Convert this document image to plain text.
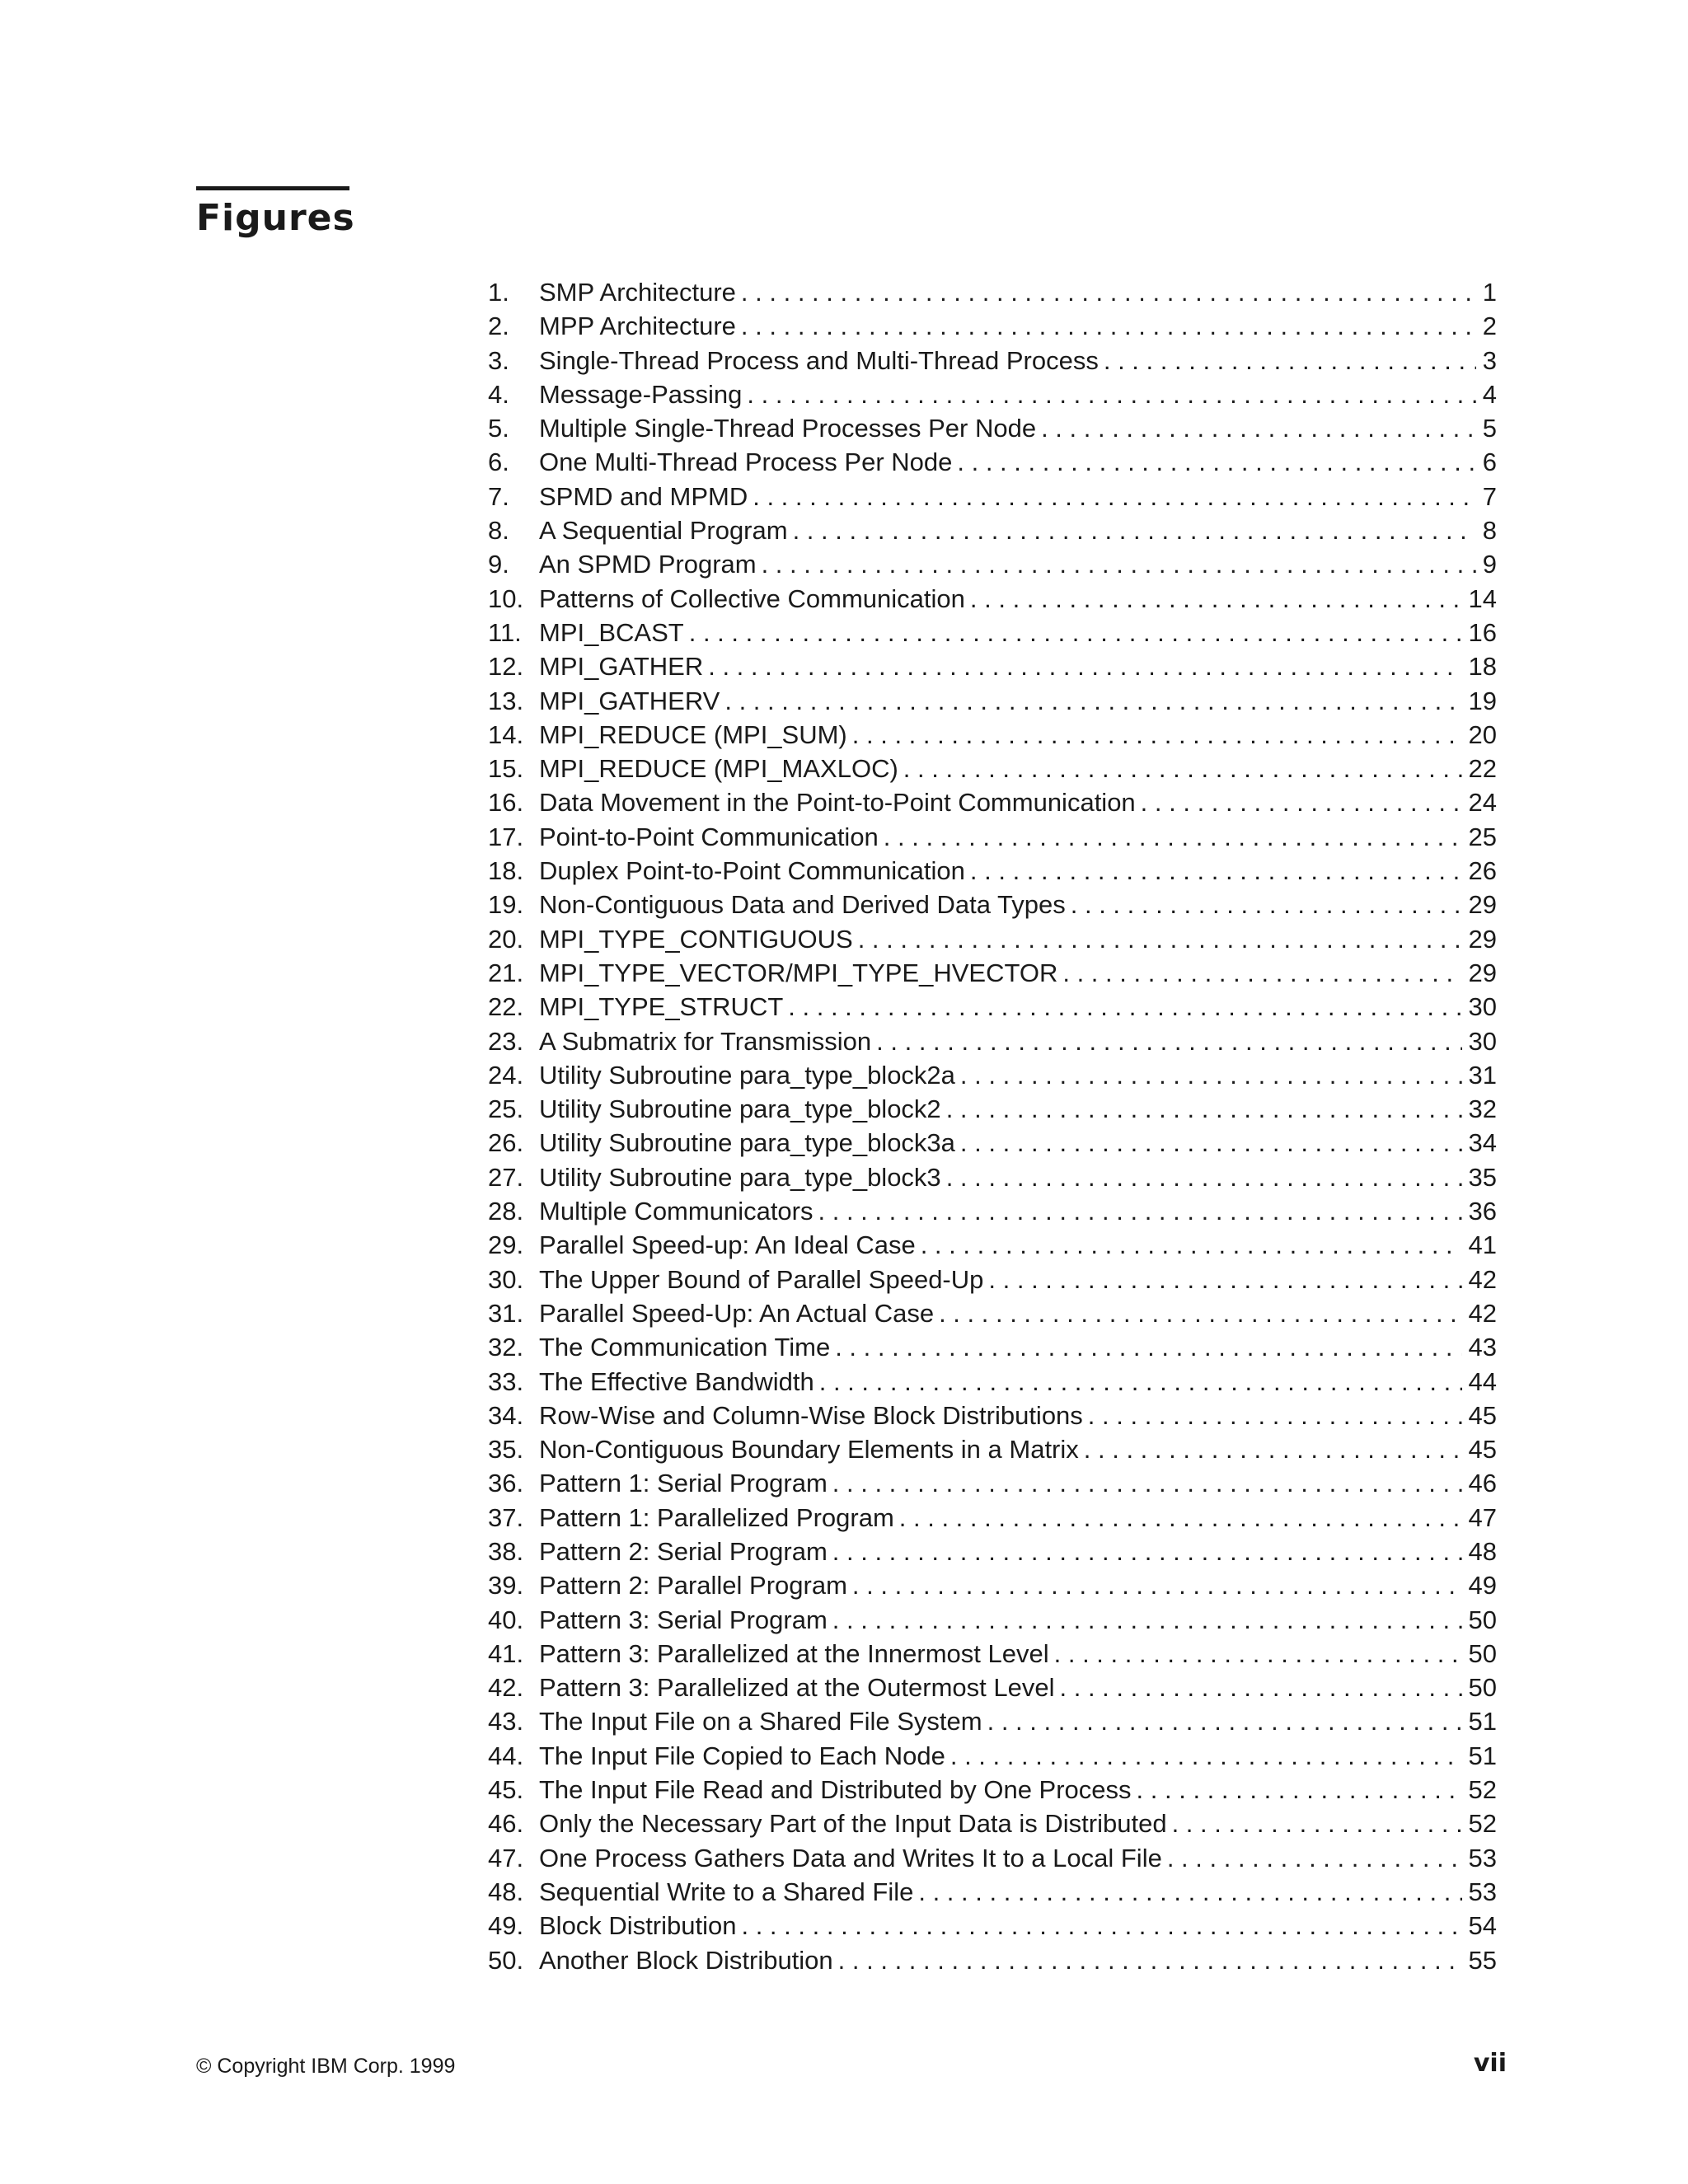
Figures
1.	SMP Architecture . . .	1
2.	MPP Architecture . . .	2
3.	Single-Thread Process and Multi-Thread Process . . .	3
4.	Message-Passing . . .	4
5.	Multiple Single-Thread Processes Per Node . . .	5
6.	One Multi-Thread Process Per Node . . .	6
7.	SPMD and MPMD . . .	7
8.	A Sequential Program . . .	8
9.	An SPMD Program . . .	9
10. Patterns of Collective Communication . . .	14
11. MPI_BCAST . . .	16
12. MPI_GATHER . . .	18
13. MPI_GATHERV . . .	19
14. MPI_REDUCE (MPI_SUM) . . .	20
15. MPI_REDUCE (MPI_MAXLOC) . . .	22
16. Data Movement in the Point-to-Point Communication . . .	24
17. Point-to-Point Communication . . .	25
18. Duplex Point-to-Point Communication . . .	26
19. Non-Contiguous Data and Derived Data Types . . .	29
20. MPI_TYPE_CONTIGUOUS . . .	29
21. MPI_TYPE_VECTOR/MPI_TYPE_HVECTOR . . .	29
22. MPI_TYPE_STRUCT . . .	30
23. A Submatrix for Transmission . . .	30
24. Utility Subroutine para_type_block2a . . .	31
25. Utility Subroutine para_type_block2 . . .	32
26. Utility Subroutine para_type_block3a . . .	34
27. Utility Subroutine para_type_block3 . . .	35
28. Multiple Communicators . . .	36
29. Parallel Speed-up: An Ideal Case . . .	41
30. The Upper Bound of Parallel Speed-Up . . .	42
31. Parallel Speed-Up: An Actual Case . . .	42
32. The Communication Time . . .	43
33. The Effective Bandwidth . . .	44
34. Row-Wise and Column-Wise Block Distributions . . .	45
35. Non-Contiguous Boundary Elements in a Matrix . . .	45
36. Pattern 1: Serial Program . . .	46
37. Pattern 1: Parallelized Program . . .	47
38. Pattern 2: Serial Program . . .	48
39. Pattern 2: Parallel Program . . .	49
40. Pattern 3: Serial Program . . .	50
41. Pattern 3: Parallelized at the Innermost Level . . .	50
42. Pattern 3: Parallelized at the Outermost Level . . .	50
43. The Input File on a Shared File System . . .	51
44. The Input File Copied to Each Node . . .	51
45. The Input File Read and Distributed by One Process . . .	52
46. Only the Necessary Part of the Input Data is Distributed . . .	52
47. One Process Gathers Data and Writes It to a Local File . . .	53
48. Sequential Write to a Shared File . . .	53
49. Block Distribution . . .	54
50. Another Block Distribution . . .	55
© Copyright IBM Corp. 1999	vii
